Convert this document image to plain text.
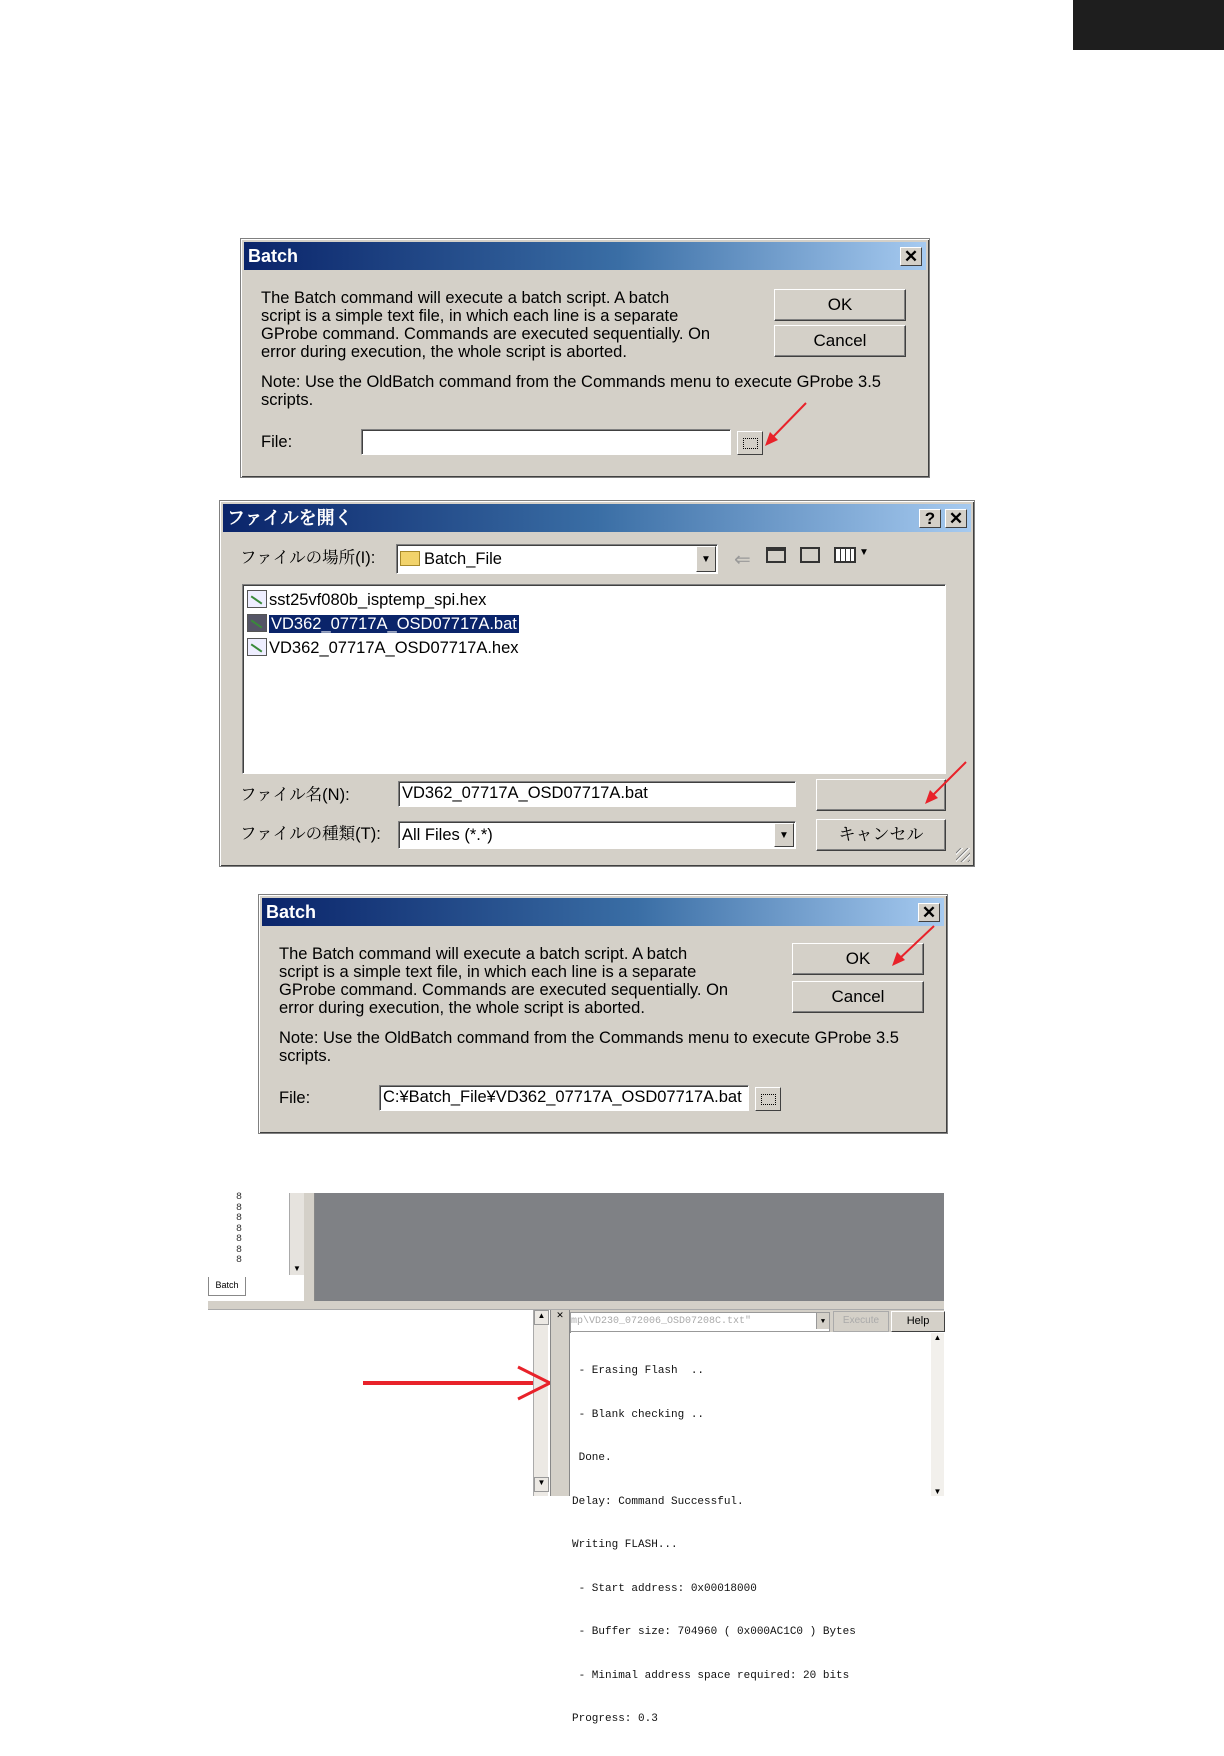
Batch	✕
The Batch command will execute a batch script. A batch
script is a simple text file, in which each line is a separate
GProbe command. Commands are executed sequentially. On
error during execution, the whole script is aborted.
OK
Cancel
Note: Use the OldBatch command from the Commands menu to execute GProbe 3.5
scripts.
File:
ファイルを開く	? ✕
ファイルの場所(I):	Batch_File	▼ ⇐	▼
sst25vf080b_isptemp_spi.hex
VD362_07717A_OSD07717A.bat
VD362_07717A_OSD07717A.hex
ファイル名(N):	VD362_07717A_OSD07717A.bat
ファイルの種類(T): All Files (*.*)	▼	キャンセル
Batch	✕
The Batch command will execute a batch script. A batch
script is a simple text file, in which each line is a separate
GProbe command. Commands are executed sequentially. On
error during execution, the whole script is aborted.
OK
Cancel
Note: Use the OldBatch command from the Commands menu to execute GProbe 3.5
scripts.
File:	C:¥Batch_File¥VD362_07717A_OSD07717A.bat
8
8
8
8
8
8
8
▼
Batch
▲
▼
✕
mp\VD230_072006_OSD07208C.txt"	▼	Execute	Help

- Erasing Flash  ..

- Blank checking ..

Done.

Delay: Command Successful.

Writing FLASH...

- Start address: 0x00018000

- Buffer size: 704960 ( 0x000AC1C0 ) Bytes

- Minimal address space required: 20 bits

Progress: 0.3

▲
▼
